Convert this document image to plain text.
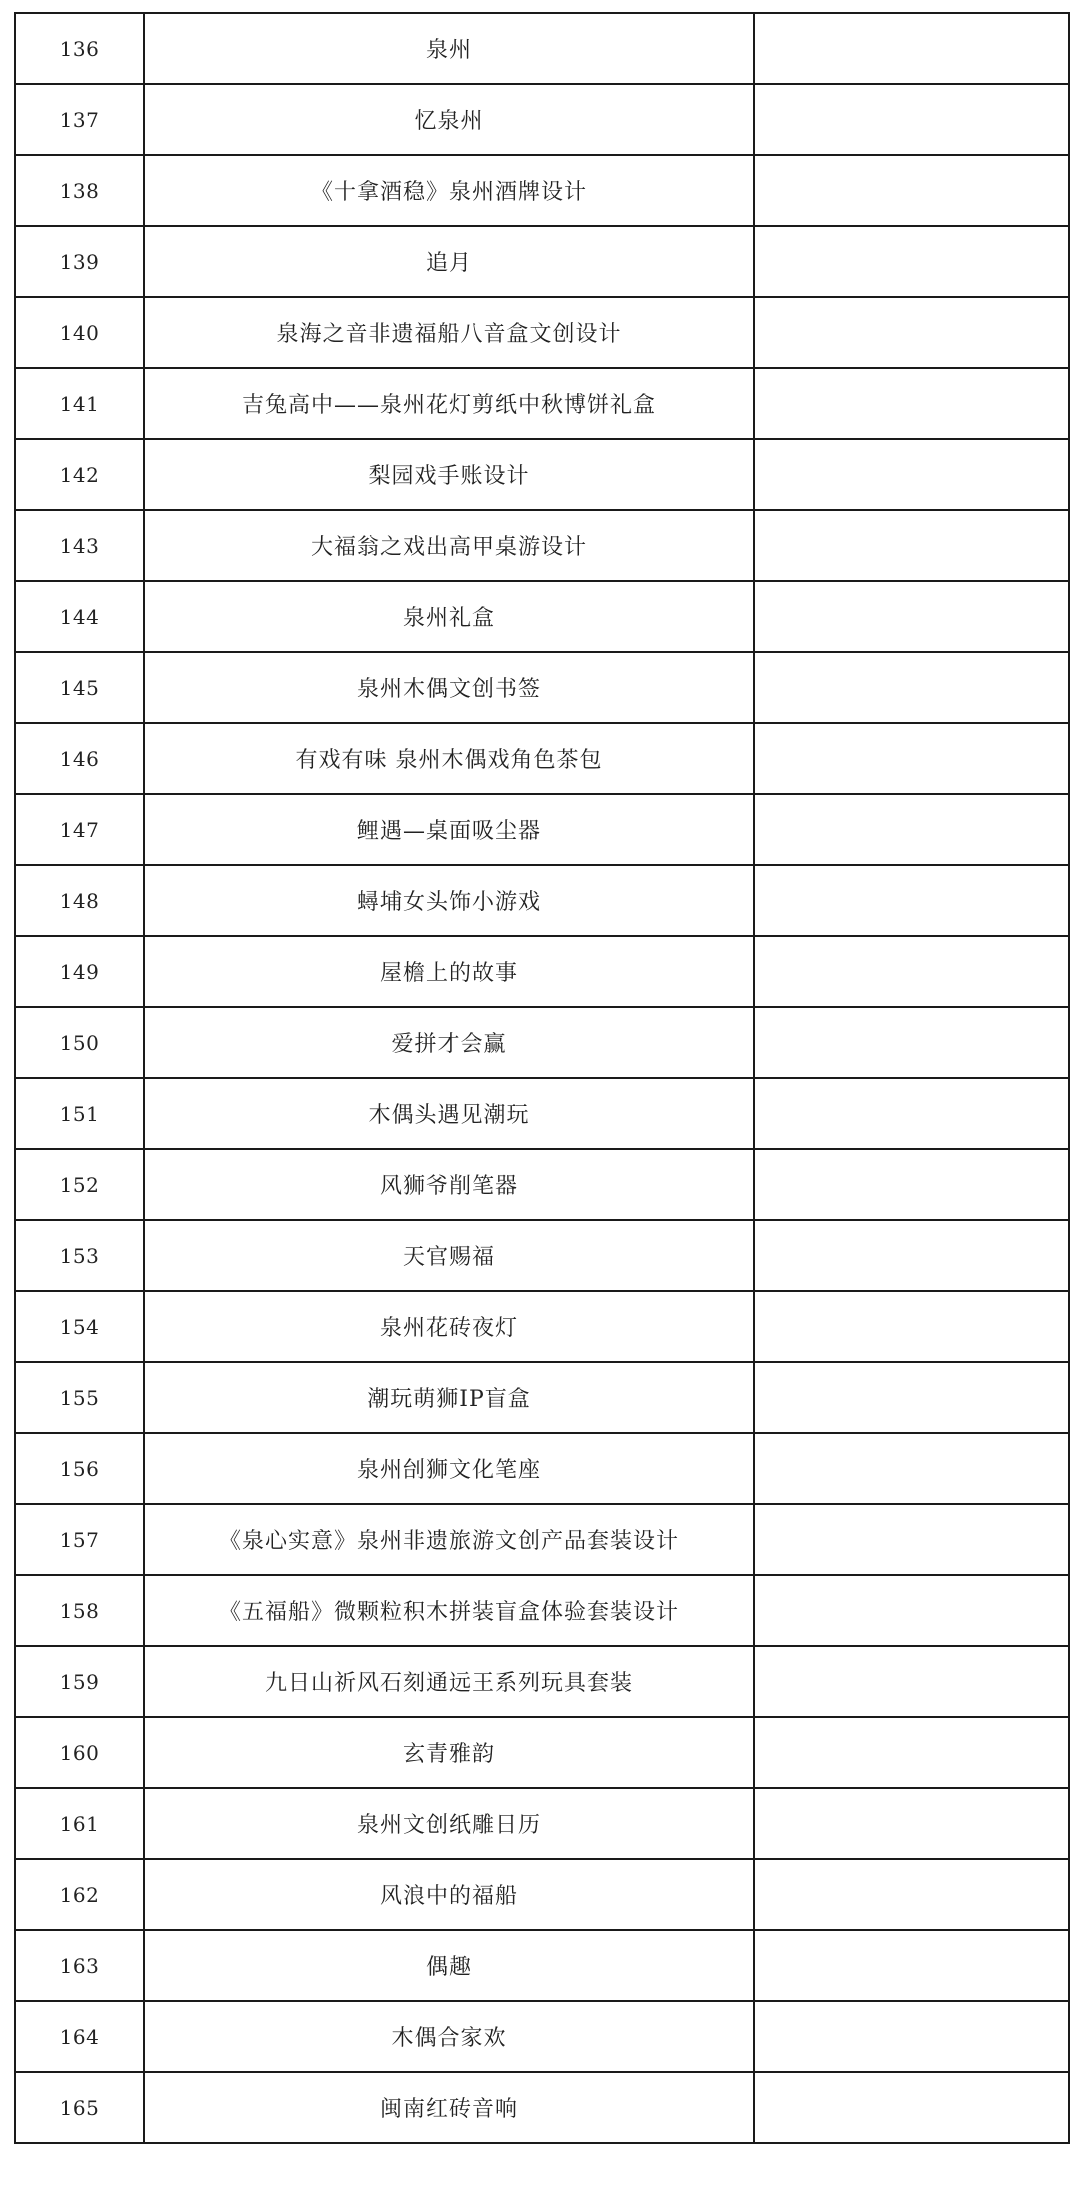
136	泉州	
137	忆泉州	
138	《十拿酒稳》泉州酒牌设计	
139	追月	
140	泉海之音非遗福船八音盒文创设计	
141	吉兔高中——泉州花灯剪纸中秋博饼礼盒	
142	梨园戏手账设计	
143	大福翁之戏出高甲桌游设计	
144	泉州礼盒	
145	泉州木偶文创书签	
146	有戏有味 泉州木偶戏角色茶包	
147	鲤遇—桌面吸尘器	
148	蟳埔女头饰小游戏	
149	屋檐上的故事	
150	爱拼才会赢	
151	木偶头遇见潮玩	
152	风狮爷削笔器	
153	天官赐福	
154	泉州花砖夜灯	
155	潮玩萌狮IP盲盒	
156	泉州刣狮文化笔座	
157	《泉心实意》泉州非遗旅游文创产品套装设计	
158	《五福船》微颗粒积木拼装盲盒体验套装设计	
159	九日山祈风石刻通远王系列玩具套装	
160	玄青雅韵	
161	泉州文创纸雕日历	
162	风浪中的福船	
163	偶趣	
164	木偶合家欢	
165	闽南红砖音响	
